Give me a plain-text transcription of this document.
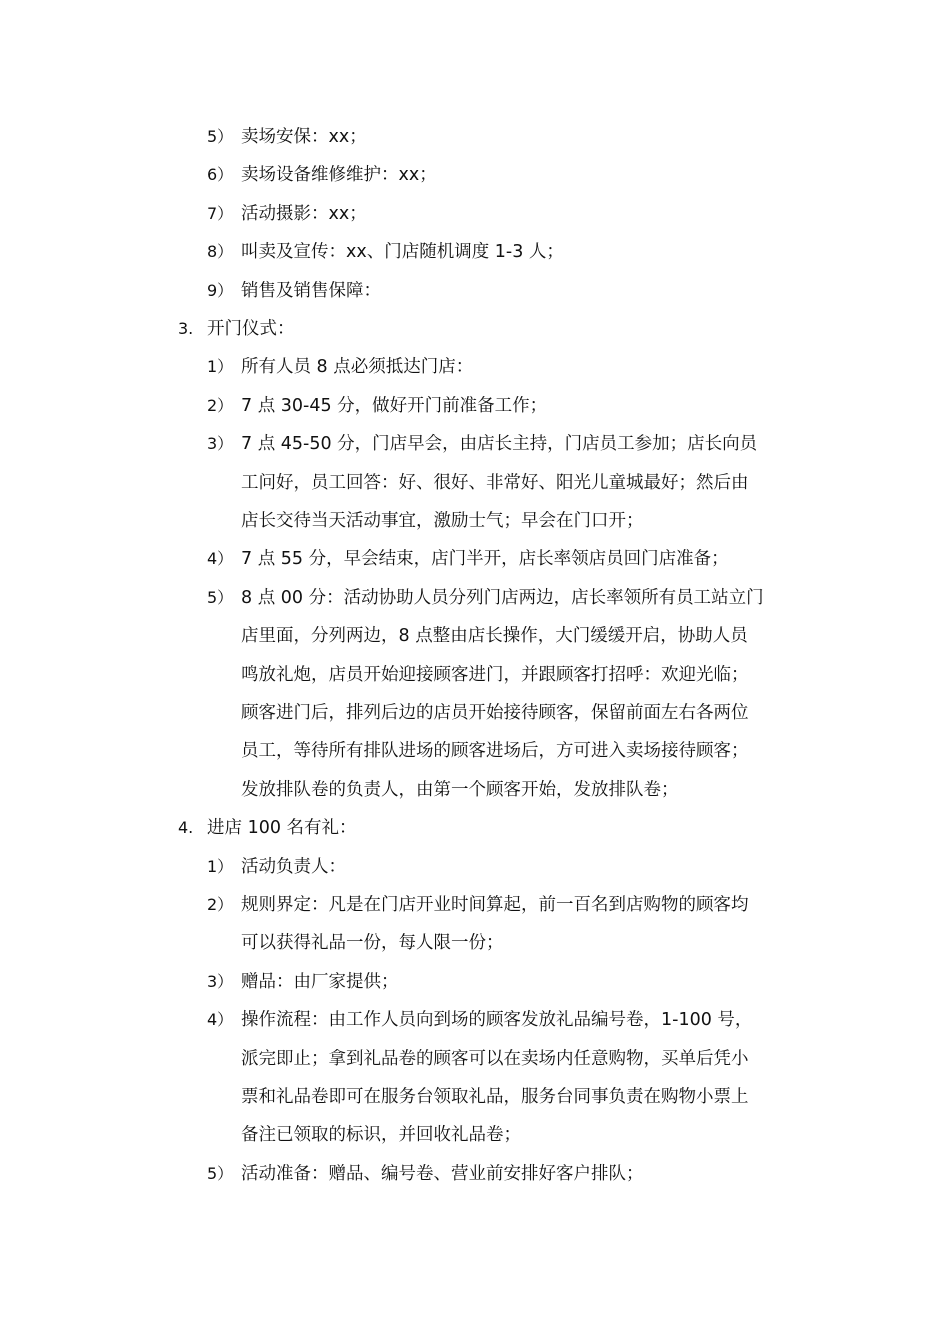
5） 卖场安保：xx；
6） 卖场设备维修维护：xx；
7） 活动摄影：xx；
8） 叫卖及宣传：xx、门店随机调度 1-3 人；
9） 销售及销售保障：
3. 开门仪式：
1） 所有人员 8 点必须抵达门店：
2） 7 点 30-45 分，做好开门前准备工作；
3） 7 点 45-50 分，门店早会，由店长主持，门店员工参加；店长向员
工问好，员工回答：好、很好、非常好、阳光儿童城最好；然后由
店长交待当天活动事宜，激励士气；早会在门口开；
4） 7 点 55 分，早会结束，店门半开，店长率领店员回门店准备；
5） 8 点 00 分：活动协助人员分列门店两边，店长率领所有员工站立门
店里面，分列两边，8 点整由店长操作，大门缓缓开启，协助人员
鸣放礼炮，店员开始迎接顾客进门，并跟顾客打招呼：欢迎光临；
顾客进门后，排列后边的店员开始接待顾客，保留前面左右各两位
员工，等待所有排队进场的顾客进场后，方可进入卖场接待顾客；
发放排队卷的负责人，由第一个顾客开始，发放排队卷；
4. 进店 100 名有礼：
1） 活动负责人：
2） 规则界定：凡是在门店开业时间算起，前一百名到店购物的顾客均
可以获得礼品一份，每人限一份；
3） 赠品：由厂家提供；
4） 操作流程：由工作人员向到场的顾客发放礼品编号卷，1-100 号，
派完即止；拿到礼品卷的顾客可以在卖场内任意购物，买单后凭小
票和礼品卷即可在服务台领取礼品，服务台同事负责在购物小票上
备注已领取的标识，并回收礼品卷；
5） 活动准备：赠品、编号卷、营业前安排好客户排队；
